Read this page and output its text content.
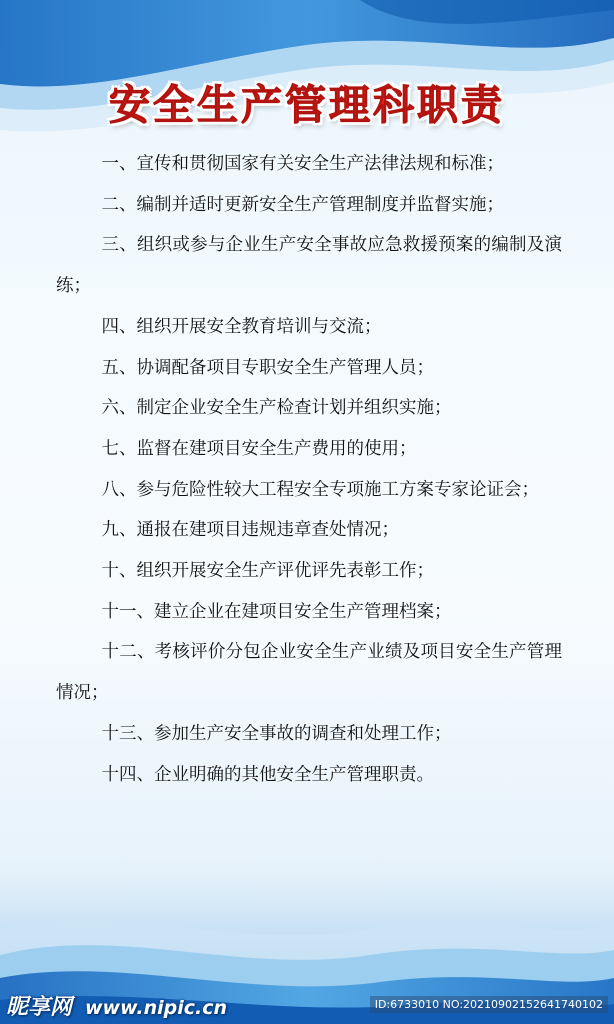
安全生产管理科职责

一、宣传和贯彻国家有关安全生产法律法规和标准；

二、编制并适时更新安全生产管理制度并监督实施；

三、组织或参与企业生产安全事故应急救援预案的编制及演练；

四、组织开展安全教育培训与交流；

五、协调配备项目专职安全生产管理人员；

六、制定企业安全生产检查计划并组织实施；

七、监督在建项目安全生产费用的使用；

八、参与危险性较大工程安全专项施工方案专家论证会；

九、通报在建项目违规违章查处情况；

十、组织开展安全生产评优评先表彰工作；

十一、建立企业在建项目安全生产管理档案；

十二、考核评价分包企业安全生产业绩及项目安全生产管理情况；

十三、参加生产安全事故的调查和处理工作；

十四、企业明确的其他安全生产管理职责。

昵享网 www.nipic.cn	ID:6733010 NO:20210902152641740102
